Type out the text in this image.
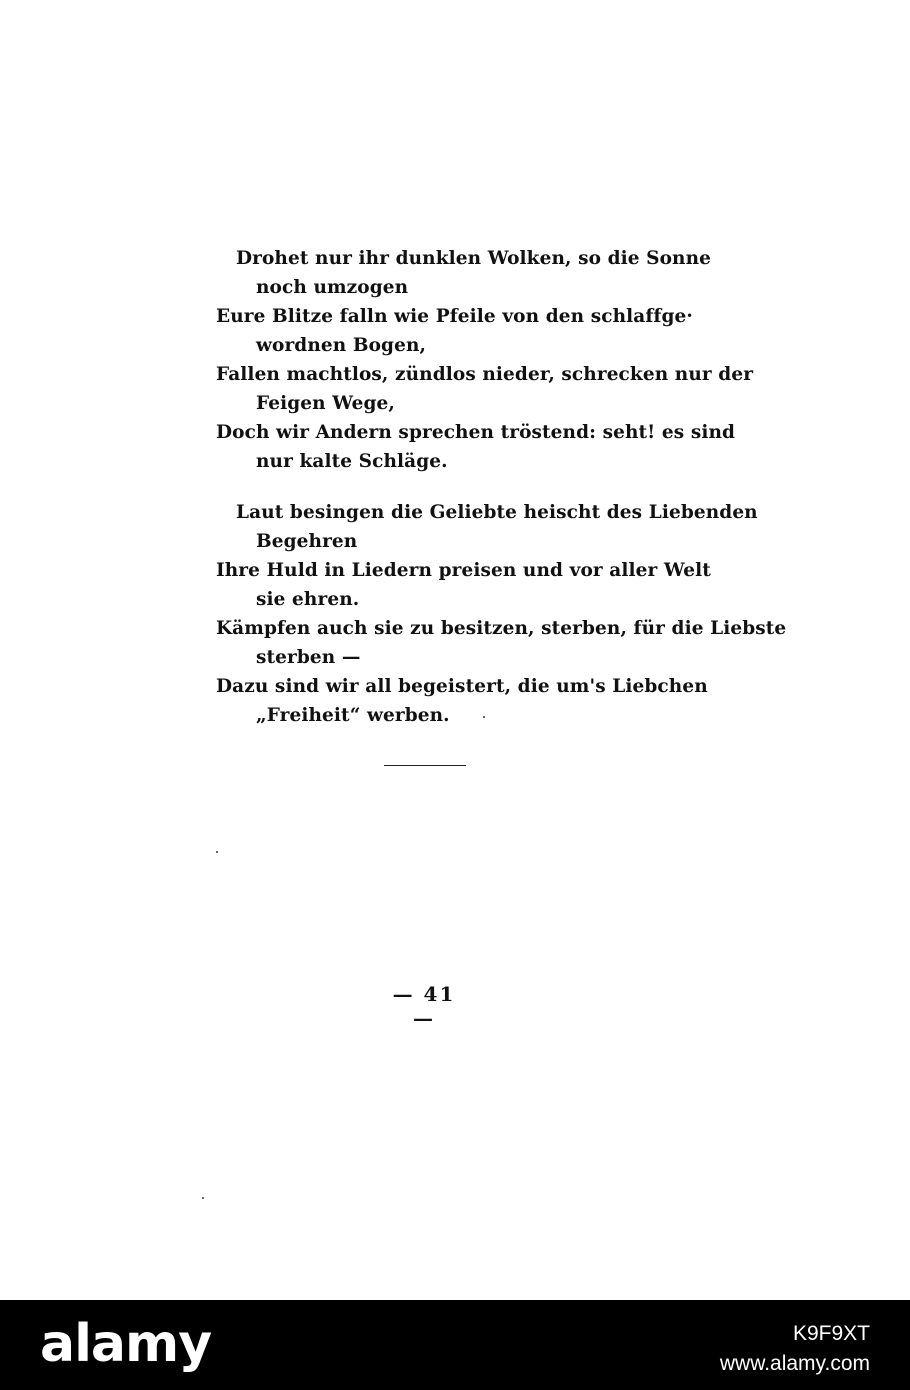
Drohet nur ihr dunklen Wolken, so die Sonne
noch umzogen
Eure Blitze falln wie Pfeile von den schlaffge·
wordnen Bogen,
Fallen machtlos, zündlos nieder, schrecken nur der
Feigen Wege,
Doch wir Andern sprechen tröstend: seht! es sind
nur kalte Schläge.
Laut besingen die Geliebte heischt des Liebenden
Begehren
Ihre Huld in Liedern preisen und vor aller Welt
sie ehren.
Kämpfen auch sie zu besitzen, sterben, für die Liebste
sterben —
Dazu sind wir all begeistert, die um's Liebchen
„Freiheit“ werben.
— 41 —
alamy	K9F9XT
www.alamy.com
